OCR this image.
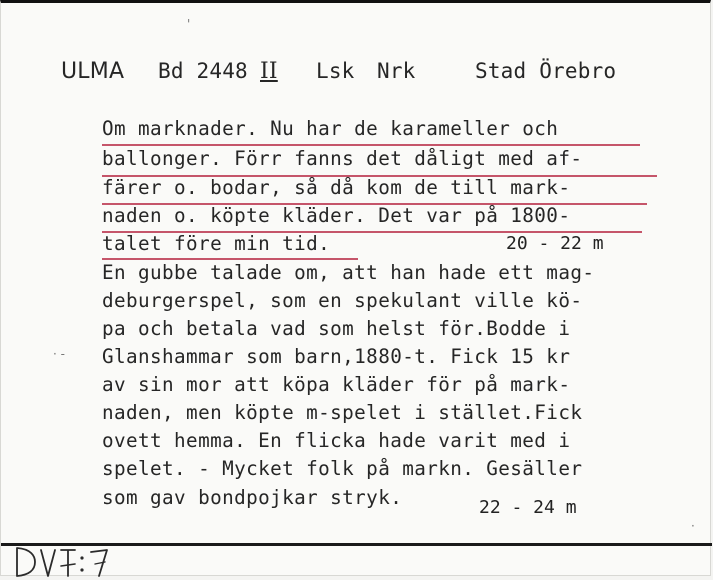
ULMA Bd 2448 II Lsk Nrk	Stad Örebro
Om marknader. Nu har de karameller och
ballonger. Förr fanns det dåligt med af-
färer o. bodar, så då kom de till mark-
naden o. köpte kläder. Det var på 1800-
talet före min tid.	20 - 22 m
En gubbe talade om, att han hade ett mag-
deburgerspel, som en spekulant ville kö-
pa och betala vad som helst för.Bodde i
Glanshammar som barn,1880-t. Fick 15 kr
av sin mor att köpa kläder för på mark-
naden, men köpte m-spelet i stället.Fick
ovett hemma. En flicka hade varit med i
spelet. - Mycket folk på markn. Gesäller
som gav bondpojkar stryk.	22 - 24 m
· -
·
'
